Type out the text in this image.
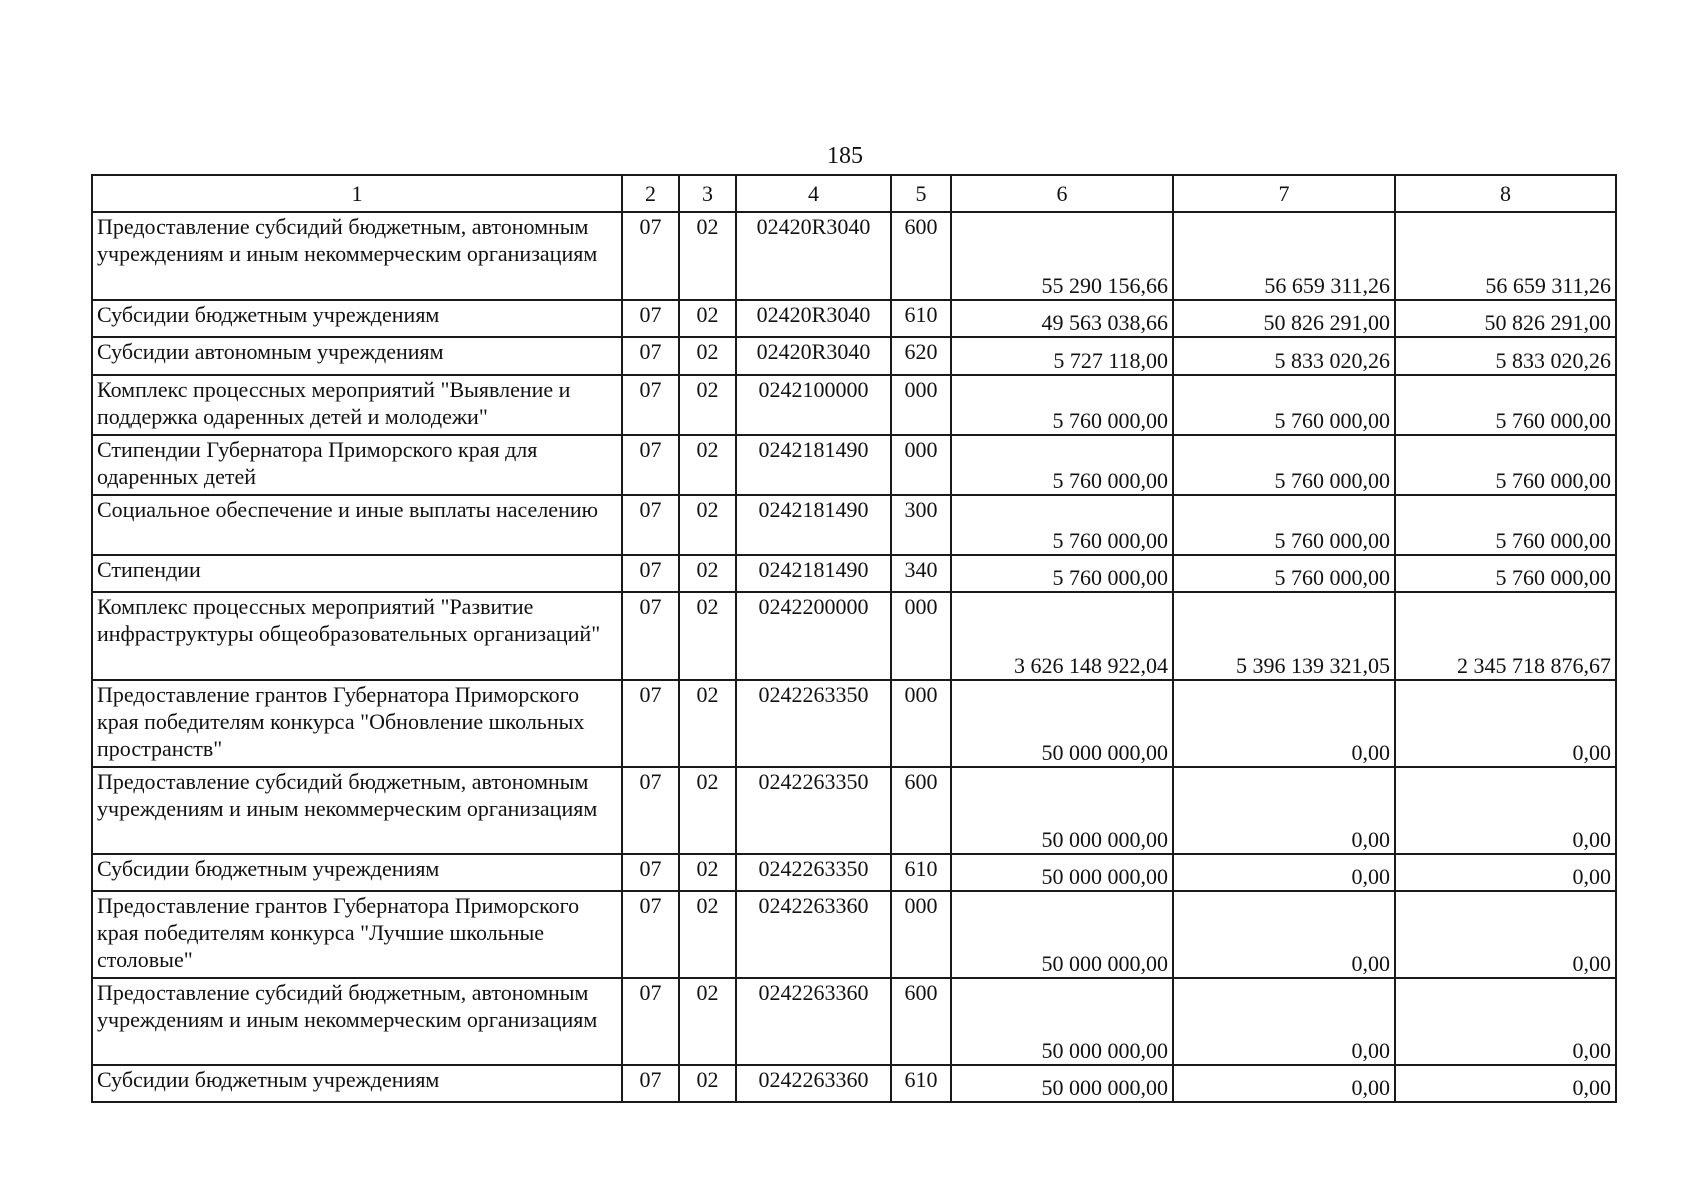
185
1	2	3	4	5	6	7	8
Предоставление субсидий бюджетным, автономным учреждениям и иным некоммерческим организациям	07	02	02420R3040	600	55 290 156,66	56 659 311,26	56 659 311,26
Субсидии бюджетным учреждениям	07	02	02420R3040	610	49 563 038,66	50 826 291,00	50 826 291,00
Субсидии автономным учреждениям	07	02	02420R3040	620	5 727 118,00	5 833 020,26	5 833 020,26
Комплекс процессных мероприятий "Выявление и поддержка одаренных детей и молодежи"	07	02	0242100000	000	5 760 000,00	5 760 000,00	5 760 000,00
Стипендии Губернатора Приморского края для одаренных детей	07	02	0242181490	000	5 760 000,00	5 760 000,00	5 760 000,00
Социальное обеспечение и иные выплаты населению	07	02	0242181490	300	5 760 000,00	5 760 000,00	5 760 000,00
Стипендии	07	02	0242181490	340	5 760 000,00	5 760 000,00	5 760 000,00
Комплекс процессных мероприятий "Развитие инфраструктуры общеобразовательных организаций"	07	02	0242200000	000	3 626 148 922,04	5 396 139 321,05	2 345 718 876,67
Предоставление грантов Губернатора Приморского края победителям конкурса "Обновление школьных пространств"	07	02	0242263350	000	50 000 000,00	0,00	0,00
Предоставление субсидий бюджетным, автономным учреждениям и иным некоммерческим организациям	07	02	0242263350	600	50 000 000,00	0,00	0,00
Субсидии бюджетным учреждениям	07	02	0242263350	610	50 000 000,00	0,00	0,00
Предоставление грантов Губернатора Приморского края победителям конкурса "Лучшие школьные столовые"	07	02	0242263360	000	50 000 000,00	0,00	0,00
Предоставление субсидий бюджетным, автономным учреждениям и иным некоммерческим организациям	07	02	0242263360	600	50 000 000,00	0,00	0,00
Субсидии бюджетным учреждениям	07	02	0242263360	610	50 000 000,00	0,00	0,00
